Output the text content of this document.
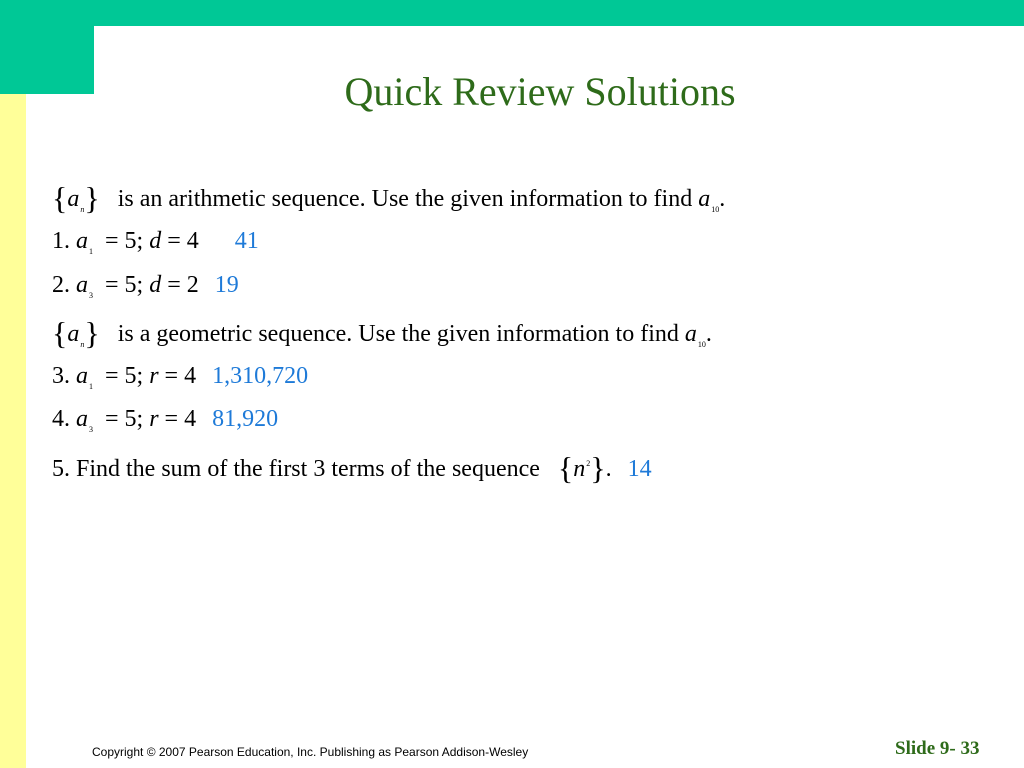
Quick Review Solutions
$\{a_n\}$ is an arithmetic sequence. Use the given information to find $a_{10}$.
1. $a_1 = 5$; d = 4 41
2. $a_3 = 5$; d = 2 19
$\{a_n\}$ is a geometric sequence. Use the given information to find $a_{10}$.
3. $a_1 = 5$; r = 4 1,310,720
4. $a_3 = 5$; r = 4 81,920
5. Find the sum of the first 3 terms of the sequence $\{n^2\}$. 14
Copyright © 2007 Pearson Education, Inc. Publishing as Pearson Addison-Wesley	Slide 9- 33
